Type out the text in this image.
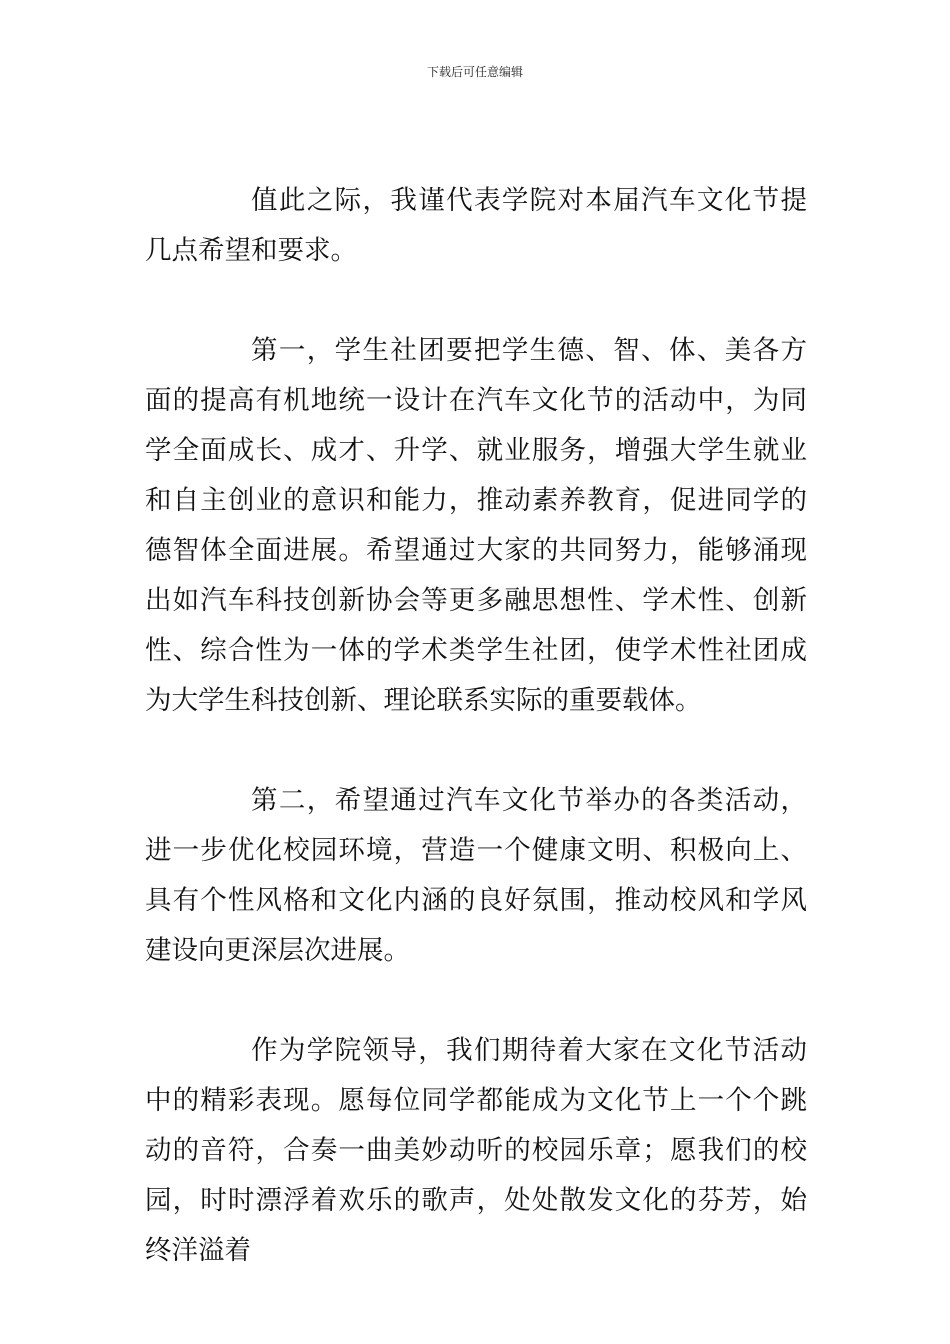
下载后可任意编辑

值此之际，我谨代表学院对本届汽车文化节提几点希望和要求。

第一，学生社团要把学生德、智、体、美各方面的提高有机地统一设计在汽车文化节的活动中，为同学全面成长、成才、升学、就业服务，增强大学生就业和自主创业的意识和能力，推动素养教育，促进同学的德智体全面进展。希望通过大家的共同努力，能够涌现出如汽车科技创新协会等更多融思想性、学术性、创新性、综合性为一体的学术类学生社团，使学术性社团成为大学生科技创新、理论联系实际的重要载体。

第二，希望通过汽车文化节举办的各类活动，进一步优化校园环境，营造一个健康文明、积极向上、具有个性风格和文化内涵的良好氛围，推动校风和学风建设向更深层次进展。

作为学院领导，我们期待着大家在文化节活动中的精彩表现。愿每位同学都能成为文化节上一个个跳动的音符，合奏一曲美妙动听的校园乐章；愿我们的校园，时时漂浮着欢乐的歌声，处处散发文化的芬芳，始终洋溢着
